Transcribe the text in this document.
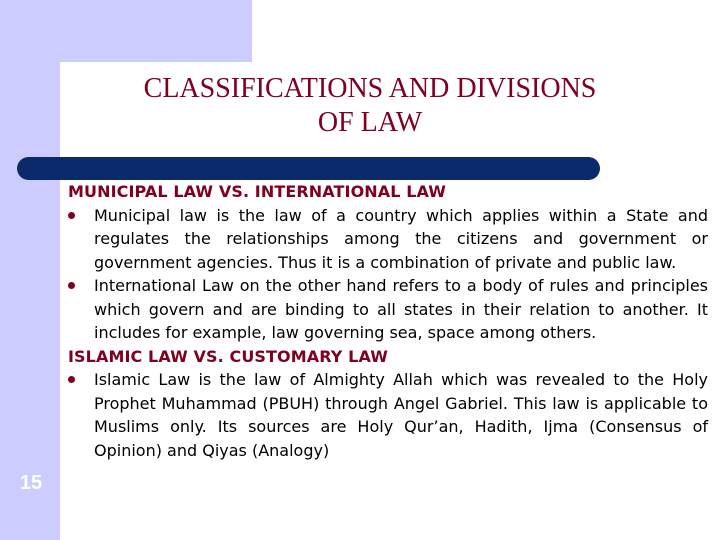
CLASSIFICATIONS AND DIVISIONS
OF LAW
15
MUNICIPAL LAW VS. INTERNATIONAL LAW
Municipal law is the law of a country which applies within a State and regulates the relationships among the citizens and government or government agencies. Thus it is a combination of private and public law.
International Law on the other hand refers to a body of rules and principles which govern and are binding to all states in their relation to another. It includes for example, law governing sea, space among others.
ISLAMIC LAW VS. CUSTOMARY LAW
Islamic Law is the law of Almighty Allah which was revealed to the Holy Prophet Muhammad (PBUH) through Angel Gabriel. This law is applicable to Muslims only. Its sources are Holy Qur’an, Hadith, Ijma (Consensus of Opinion) and Qiyas (Analogy)
